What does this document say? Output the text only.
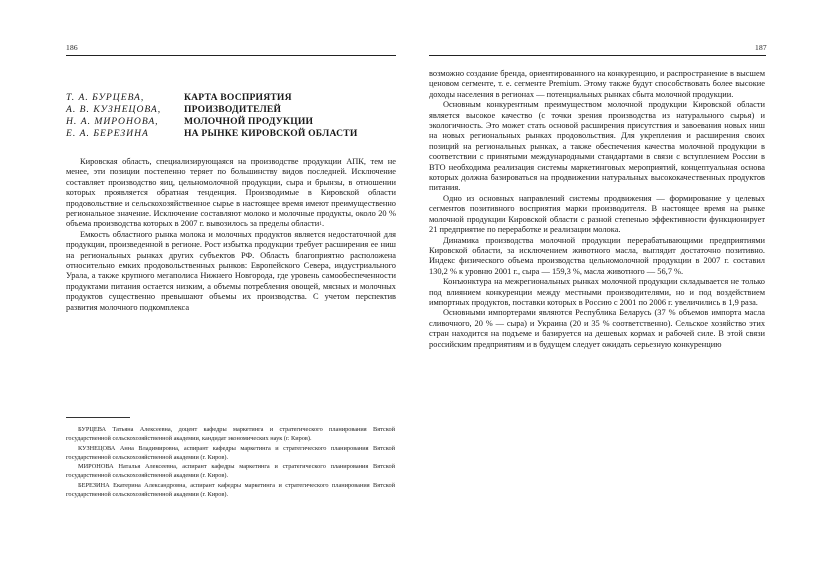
186
Т. А. БУРЦЕВА,
А. В. КУЗНЕЦОВА,
Н. А. МИРОНОВА,
Е. А. БЕРЕЗИНА
КАРТА ВОСПРИЯТИЯ
ПРОИЗВОДИТЕЛЕЙ
МОЛОЧНОЙ ПРОДУКЦИИ
НА РЫНКЕ КИРОВСКОЙ ОБЛАСТИ

Кировская область, специализирующаяся на производстве продукции АПК, тем не менее, эти позиции постепенно теряет по большинству видов последней. Исключение составляет производство яиц, цельномолочной продукции, сыра и брынзы, в отношении которых проявляется обратная тенденция. Производимые в Кировской области продовольствие и сельскохозяйственное сырье в настоящее время имеют преимущественно региональное значение. Исключение составляют молоко и молочные продукты, около 20 % объема производства которых в 2007 г. вывозилось за пределы области$^1$.

Емкость областного рынка молока и молочных продуктов является недостаточной для продукции, произведенной в регионе. Рост избытка продукции требует расширения ее ниш на региональных рынках других субъектов РФ. Область благоприятно расположена относительно емких продовольственных рынков: Европейского Севера, индустриального Урала, а также крупного мегаполиса Нижнего Новгорода, где уровень самообеспеченности продуктами питания остается низким, а объемы потребления овощей, мясных и молочных продуктов существенно превышают объемы их производства. С учетом перспектив развития молочного подкомплекса

БУРЦЕВА Татьяна Алексеевна, доцент кафедры маркетинга и стратегического планирования Вятской государственной сельскохозяйственной академии, кандидат экономических наук (г. Киров).

КУЗНЕЦОВА Анна Владимировна, аспирант кафедры маркетинга и стратегического планирования Вятской государственной сельскохозяйственной академии (г. Киров).

МИРОНОВА Наталья Алексеевна, аспирант кафедры маркетинга и стратегического планирования Вятской государственной сельскохозяйственной академии (г. Киров).

БЕРЕЗИНА Екатерина Александровна, аспирант кафедры маркетинга и стратегического планирования Вятской государственной сельскохозяйственной академии (г. Киров).

187

возможно создание бренда, ориентированного на конкуренцию, и распространение в высшем ценовом сегменте, т. е. сегменте Premium. Этому также будут способствовать более высокие доходы населения в регионах — потенциальных рынках сбыта молочной продукции.

Основным конкурентным преимуществом молочной продукции Кировской области является высокое качество (с точки зрения производства из натурального сырья) и экологичность. Это может стать основой расширения присутствия и завоевания новых ниш на новых региональных рынках продовольствия. Для укрепления и расширения своих позиций на региональных рынках, а также обеспечения качества молочной продукции в соответствии с принятыми международными стандартами в связи с вступлением России в ВТО необходима реализация системы маркетинговых мероприятий, концептуальная основа которых должна базироваться на продвижении натуральных высококачественных продуктов питания.

Одно из основных направлений системы продвижения — формирование у целевых сегментов позитивного восприятия марки производителя. В настоящее время на рынке молочной продукции Кировской области с разной степенью эффективности функционирует 21 предприятие по переработке и реализации молока.

Динамика производства молочной продукции перерабатывающими предприятиями Кировской области, за исключением животного масла, выглядит достаточно позитивно. Индекс физического объема производства цельномолочной продукции в 2007 г. составил 130,2 % к уровню 2001 г., сыра — 159,3 %, масла животного — 56,7 %.

Конъюнктура на межрегиональных рынках молочной продукции складывается не только под влиянием конкуренции между местными производителями, но и под воздействием импортных продуктов, поставки которых в Россию с 2001 по 2006 г. увеличились в 1,9 раза.

Основными импортерами являются Республика Беларусь (37 % объемов импорта масла сливочного, 20 % — сыра) и Украина (20 и 35 % соответственно). Сельское хозяйство этих стран находится на подъеме и базируется на дешевых кормах и рабочей силе. В этой связи российским предприятиям и в будущем следует ожидать серьезную конкуренцию
